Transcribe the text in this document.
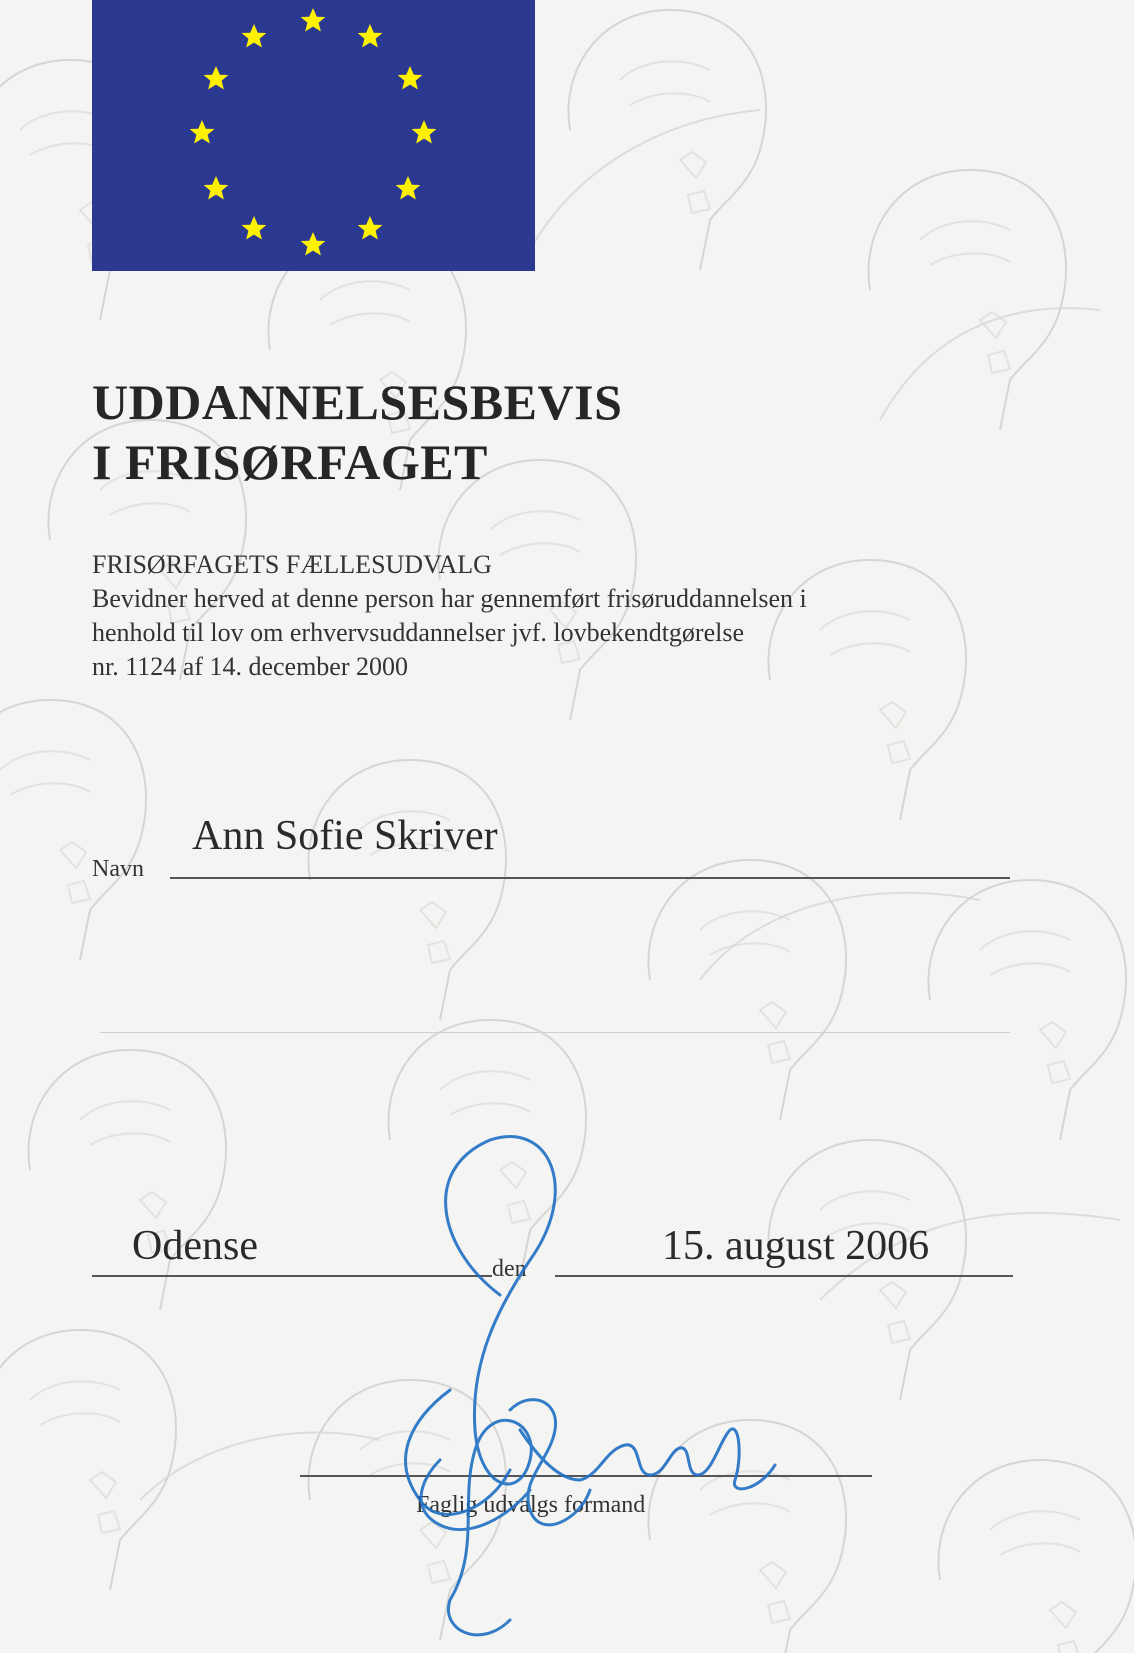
UDDANNELSESBEVIS
I FRISØRFAGET
FRISØRFAGETS FÆLLESUDVALG
Bevidner herved at denne person har gennemført frisøruddannelsen i
henhold til lov om erhvervsuddannelser jvf. lovbekendtgørelse
nr. 1124 af 14. december 2000
Navn
Ann Sofie Skriver
Odense	den	15. august 2006
Faglig udvalgs formand
